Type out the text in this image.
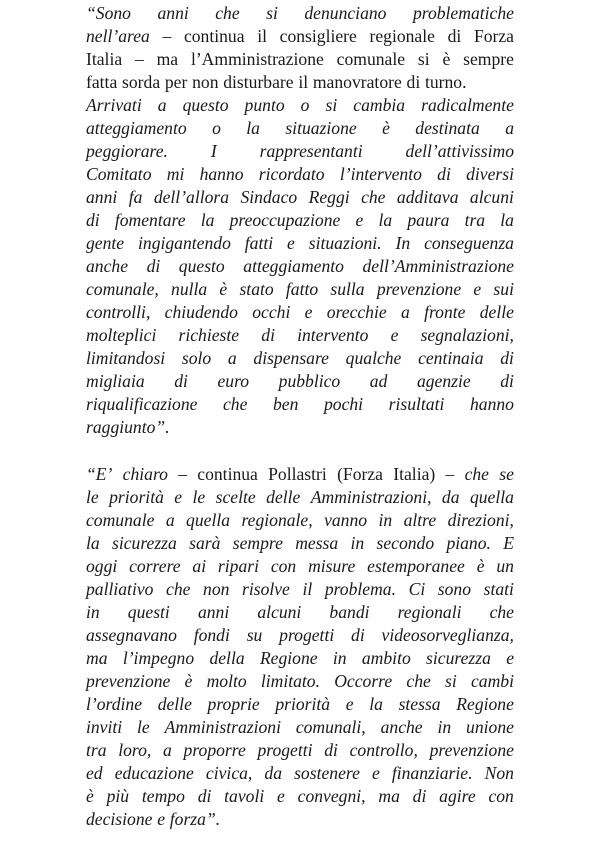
“Sono anni che si denunciano problematiche
nell’area – continua il consigliere regionale di Forza
Italia – ma l’Amministrazione comunale si è sempre
fatta sorda per non disturbare il manovratore di turno.
Arrivati a questo punto o si cambia radicalmente
atteggiamento o la situazione è destinata a
peggiorare. I rappresentanti dell’attivissimo
Comitato mi hanno ricordato l’intervento di diversi
anni fa dell’allora Sindaco Reggi che additava alcuni
di fomentare la preoccupazione e la paura tra la
gente ingigantendo fatti e situazioni. In conseguenza
anche di questo atteggiamento dell’Amministrazione
comunale, nulla è stato fatto sulla prevenzione e sui
controlli, chiudendo occhi e orecchie a fronte delle
molteplici richieste di intervento e segnalazioni,
limitandosi solo a dispensare qualche centinaia di
migliaia di euro pubblico ad agenzie di
riqualificazione che ben pochi risultati hanno
raggiunto”.
“E’ chiaro – continua Pollastri (Forza Italia) – che se
le priorità e le scelte delle Amministrazioni, da quella
comunale a quella regionale, vanno in altre direzioni,
la sicurezza sarà sempre messa in secondo piano. E
oggi correre ai ripari con misure estemporanee è un
palliativo che non risolve il problema. Ci sono stati
in questi anni alcuni bandi regionali che
assegnavano fondi su progetti di videosorveglianza,
ma l’impegno della Regione in ambito sicurezza e
prevenzione è molto limitato. Occorre che si cambi
l’ordine delle proprie priorità e la stessa Regione
inviti le Amministrazioni comunali, anche in unione
tra loro, a proporre progetti di controllo, prevenzione
ed educazione civica, da sostenere e finanziarie. Non
è più tempo di tavoli e convegni, ma di agire con
decisione e forza”.
